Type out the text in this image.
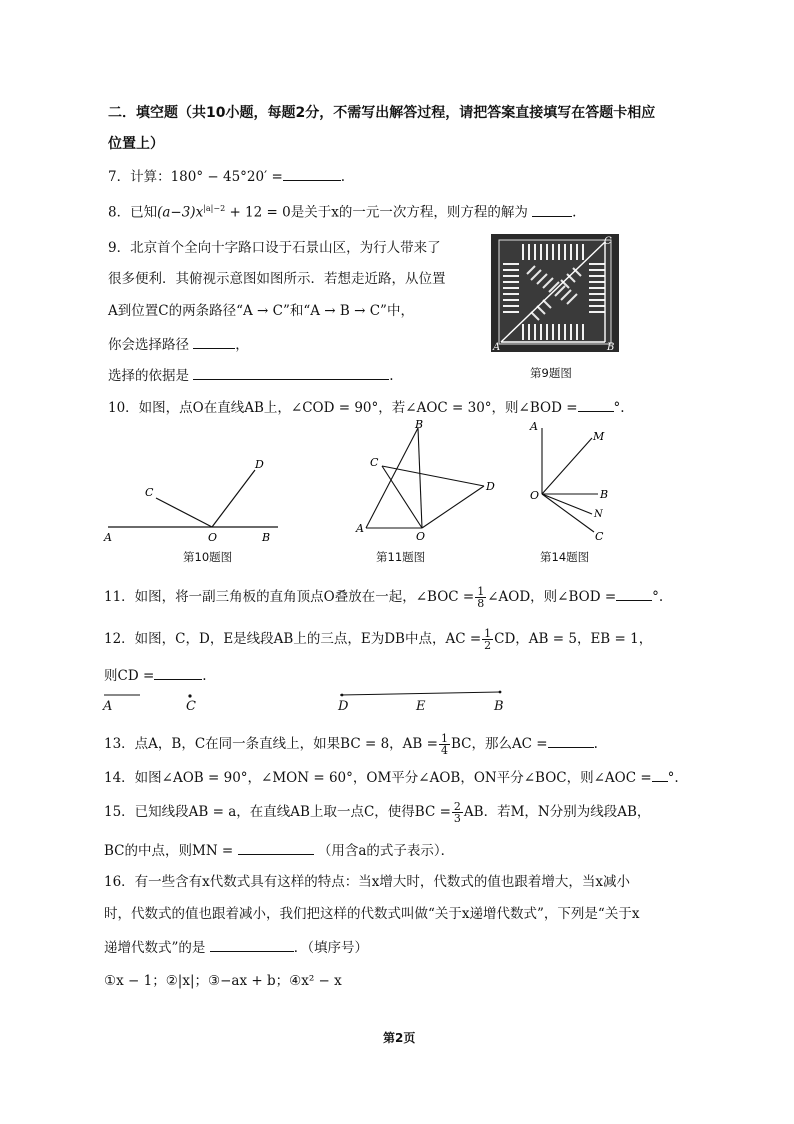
二．填空题（共10小题，每题2分，不需写出解答过程，请把答案直接填写在答题卡相应
位置上）
7．计算：180° − 45°20′ =	.
8．已知$(a-3)x^{|a|-2} + 12 = 0$是关于x的一元一次方程，则方程的解为	.
9．北京首个全向十字路口设于石景山区，为行人带来了
很多便利．其俯视示意图如图所示．若想走近路，从位置
A到位置C的两条路径“A → C”和“A → B → C”中，
你会选择路径	，
选择的依据是	.
A	B
C
第9题图
10．如图，点O在直线AB上，∠COD = 90°，若∠AOC = 30°，则∠BOD =	°.
A	O	B
C
D
第10题图
A
O
B
C
D
第11题图
A
M
O	B
N
C
第14题图
11．如图，将一副三角板的直角顶点O叠放在一起，∠BOC = $\frac{1}{8}$ ∠AOD，则∠BOD =	°.
12．如图，C，D，E是线段AB上的三点，E为DB中点，AC = $\frac{1}{2}$ CD，AB = 5，EB = 1，
则CD =	.
A	C	D	E	B
13．点A，B，C在同一条直线上，如果BC = 8，AB = $\frac{1}{4}$ BC，那么AC =	.
14．如图∠AOB = 90°，∠MON = 60°，OM平分∠AOB，ON平分∠BOC，则∠AOC = °.
15．已知线段AB = a，在直线AB上取一点C，使得BC = $\frac{2}{3}$ AB．若M，N分别为线段AB，
BC的中点，则MN =	（用含a的式子表示）．
16．有一些含有x代数式具有这样的特点：当x增大时，代数式的值也跟着增大，当x减小
时，代数式的值也跟着减小，我们把这样的代数式叫做“关于x递增代数式”，下列是“关于x
递增代数式”的是	．（填序号）
①x − 1；②|x|；③−ax + b；④x² − x
第2页
